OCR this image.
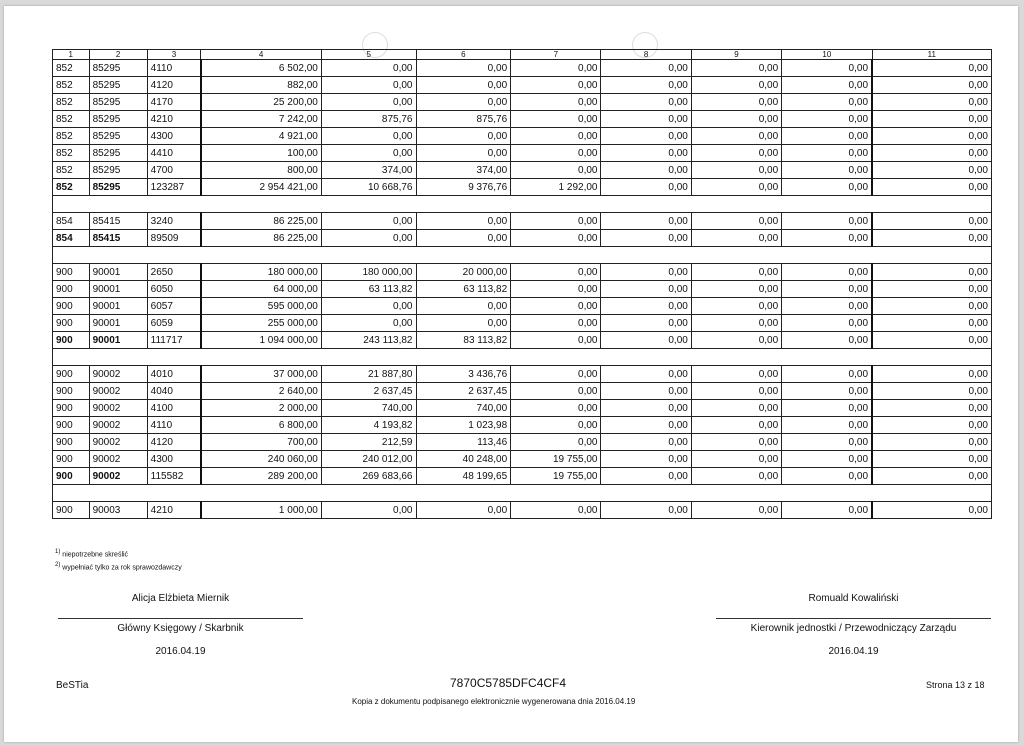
1	2	3	4	5	6	7	8	9	10	11
852	85295	4110	6 502,00	0,00	0,00	0,00	0,00	0,00	0,00	0,00
852	85295	4120	882,00	0,00	0,00	0,00	0,00	0,00	0,00	0,00
852	85295	4170	25 200,00	0,00	0,00	0,00	0,00	0,00	0,00	0,00
852	85295	4210	7 242,00	875,76	875,76	0,00	0,00	0,00	0,00	0,00
852	85295	4300	4 921,00	0,00	0,00	0,00	0,00	0,00	0,00	0,00
852	85295	4410	100,00	0,00	0,00	0,00	0,00	0,00	0,00	0,00
852	85295	4700	800,00	374,00	374,00	0,00	0,00	0,00	0,00	0,00
852	85295	123287	2 954 421,00	10 668,76	9 376,76	1 292,00	0,00	0,00	0,00	0,00

854	85415	3240	86 225,00	0,00	0,00	0,00	0,00	0,00	0,00	0,00
854	85415	89509	86 225,00	0,00	0,00	0,00	0,00	0,00	0,00	0,00

900	90001	2650	180 000,00	180 000,00	20 000,00	0,00	0,00	0,00	0,00	0,00
900	90001	6050	64 000,00	63 113,82	63 113,82	0,00	0,00	0,00	0,00	0,00
900	90001	6057	595 000,00	0,00	0,00	0,00	0,00	0,00	0,00	0,00
900	90001	6059	255 000,00	0,00	0,00	0,00	0,00	0,00	0,00	0,00
900	90001	111717	1 094 000,00	243 113,82	83 113,82	0,00	0,00	0,00	0,00	0,00

900	90002	4010	37 000,00	21 887,80	3 436,76	0,00	0,00	0,00	0,00	0,00
900	90002	4040	2 640,00	2 637,45	2 637,45	0,00	0,00	0,00	0,00	0,00
900	90002	4100	2 000,00	740,00	740,00	0,00	0,00	0,00	0,00	0,00
900	90002	4110	6 800,00	4 193,82	1 023,98	0,00	0,00	0,00	0,00	0,00
900	90002	4120	700,00	212,59	113,46	0,00	0,00	0,00	0,00	0,00
900	90002	4300	240 060,00	240 012,00	40 248,00	19 755,00	0,00	0,00	0,00	0,00
900	90002	115582	289 200,00	269 683,66	48 199,65	19 755,00	0,00	0,00	0,00	0,00

900	90003	4210	1 000,00	0,00	0,00	0,00	0,00	0,00	0,00	0,00
$^{1)}$ niepotrzebne skreślić
$^{2)}$ wypełniać tylko za rok sprawozdawczy
Alicja Elżbieta Miernik
Główny Księgowy / Skarbnik
2016.04.19
Romuald Kowaliński
Kierownik jednostki / Przewodniczący Zarządu
2016.04.19
BeSTia	7870C5785DFC4CF4
Kopia z dokumentu podpisanego elektronicznie wygenerowana dnia 2016.04.19
Strona 13 z 18
